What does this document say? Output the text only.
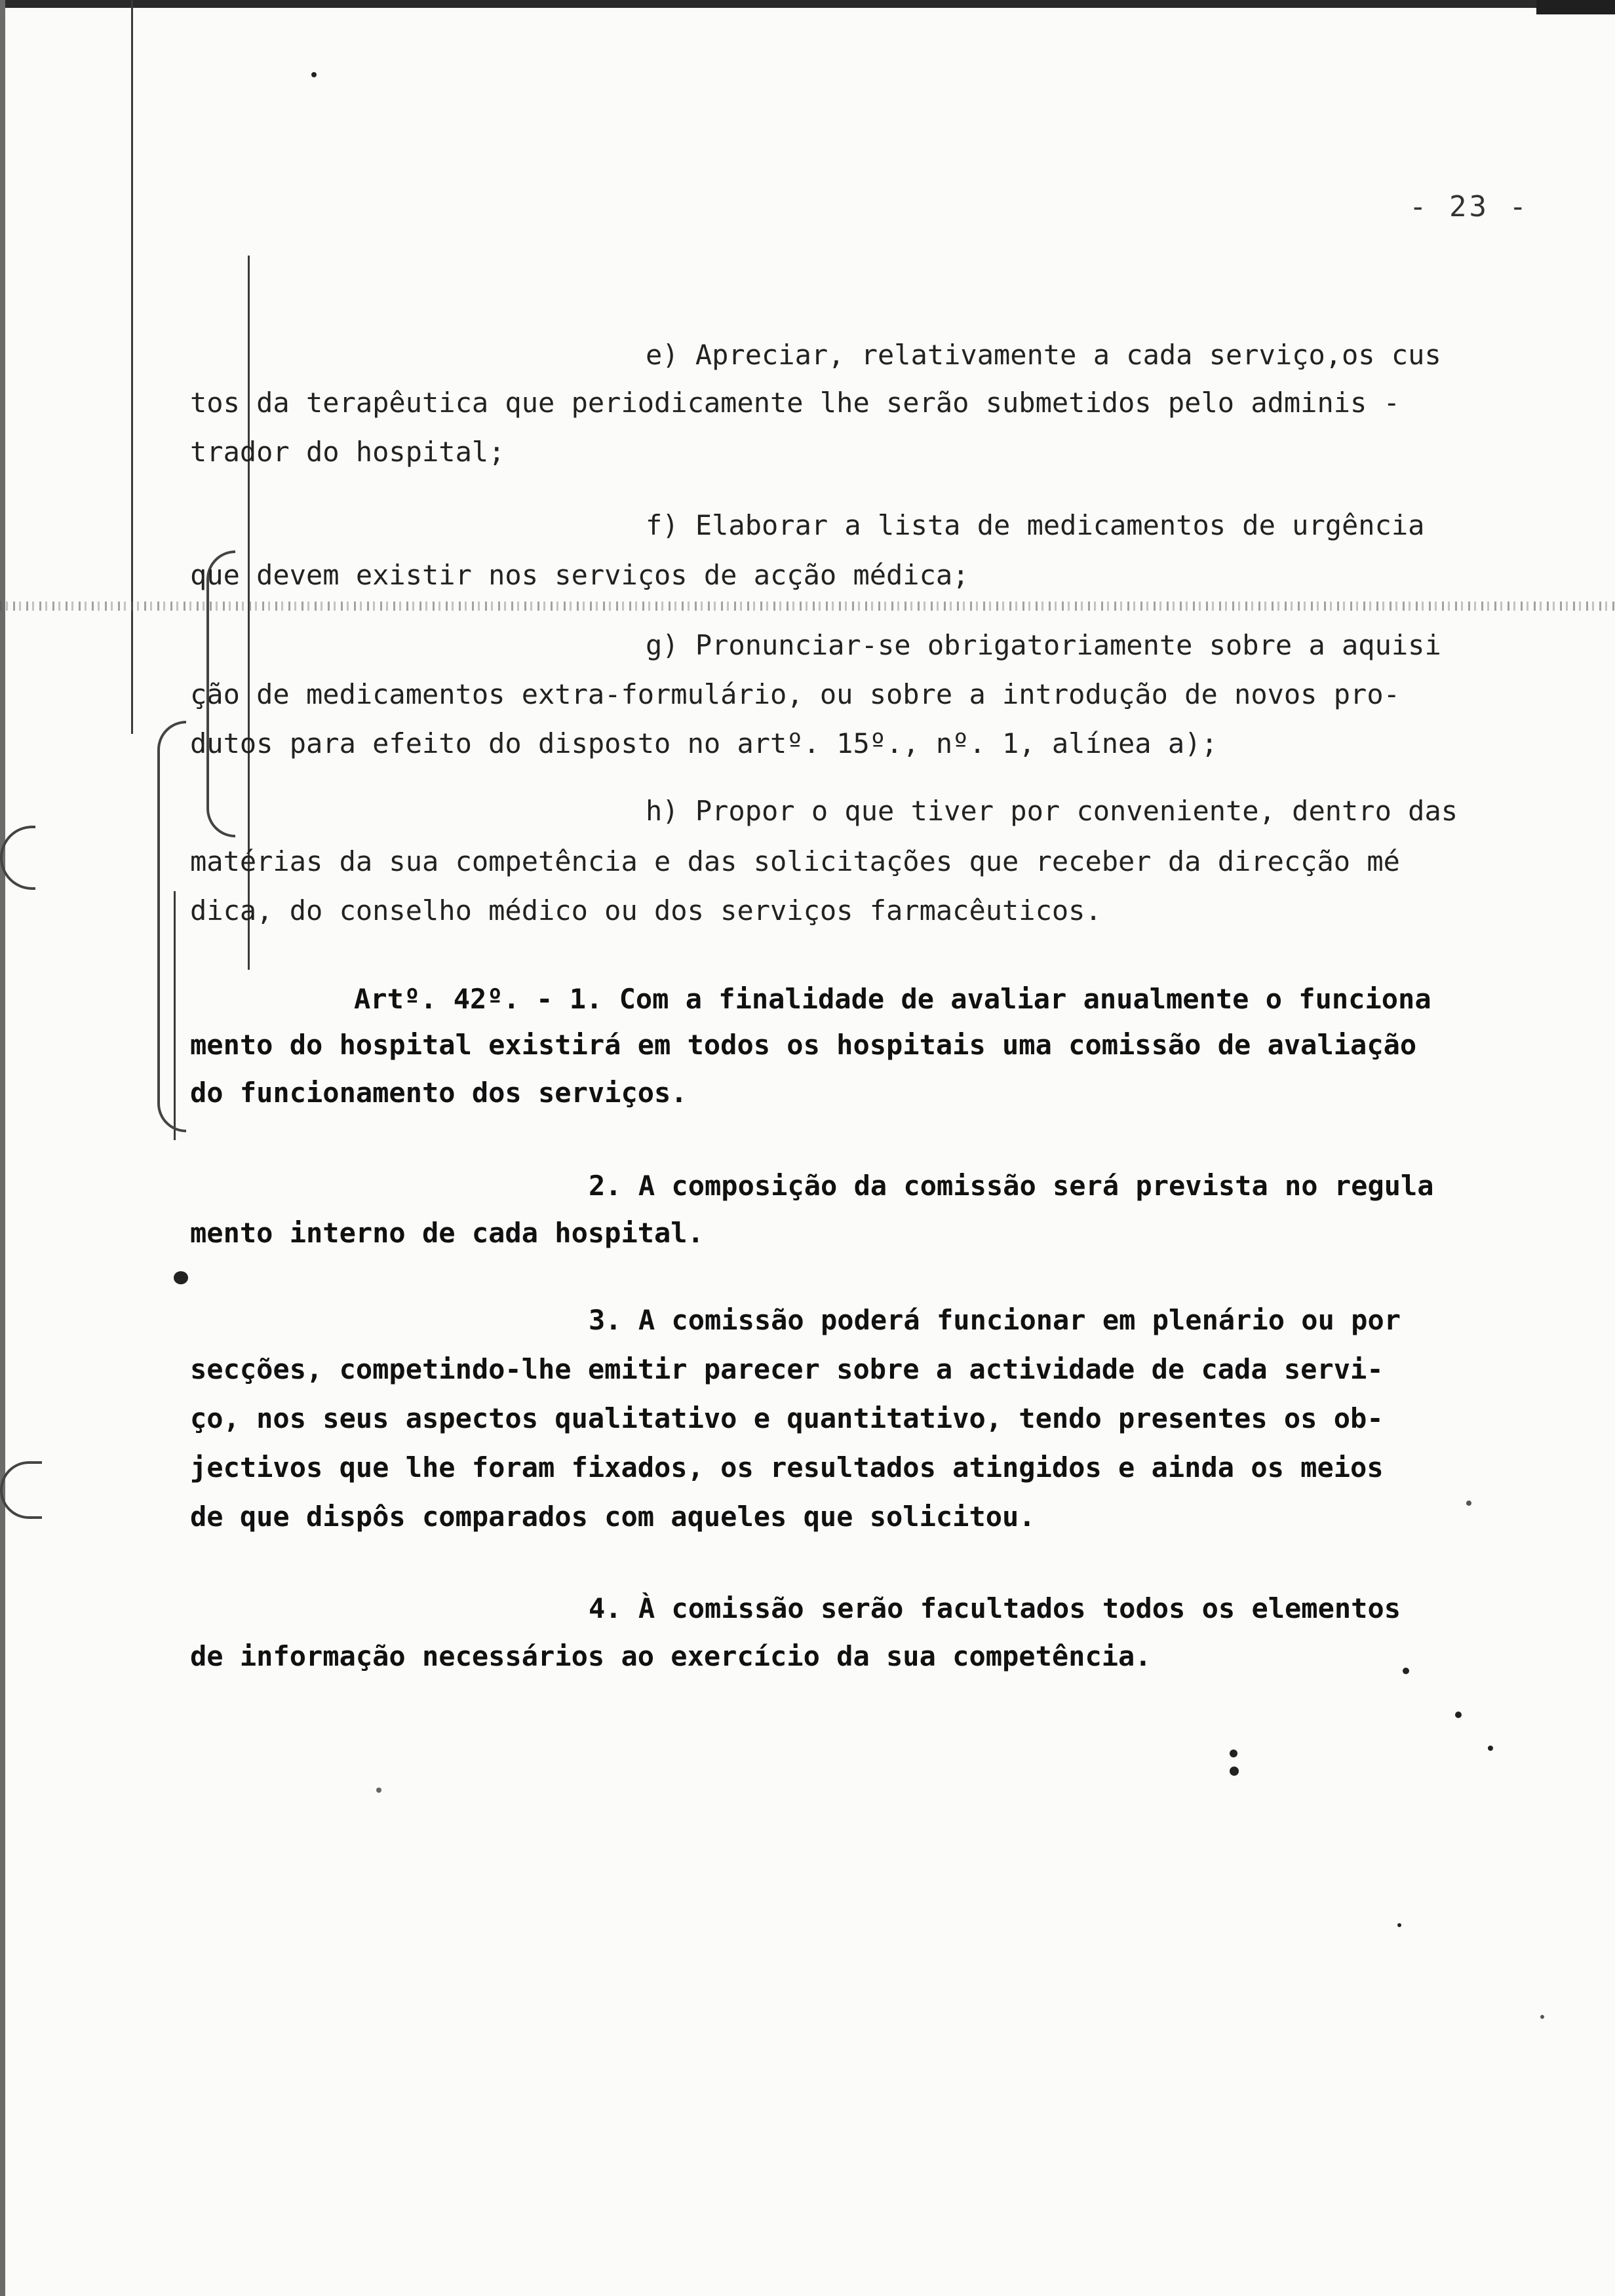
- 23 -
e) Apreciar, relativamente a cada serviço,os cus
tos da terapêutica que periodicamente lhe serão submetidos pelo adminis -
trador do hospital;
f) Elaborar a lista de medicamentos de urgência
que devem existir nos serviços de acção médica;
g) Pronunciar-se obrigatoriamente sobre a aquisi
ção de medicamentos extra-formulário, ou sobre a introdução de novos pro-
dutos para efeito do disposto no artº. 15º., nº. 1, alínea a);
h) Propor o que tiver por conveniente, dentro das
matérias da sua competência e das solicitações que receber da direcção mé
dica, do conselho médico ou dos serviços farmacêuticos.
Artº. 42º. - 1. Com a finalidade de avaliar anualmente o funciona
mento do hospital existirá em todos os hospitais uma comissão de avaliação
do funcionamento dos serviços.
2. A composição da comissão será prevista no regula
mento interno de cada hospital.
3. A comissão poderá funcionar em plenário ou por
secções, competindo-lhe emitir parecer sobre a actividade de cada servi-
ço, nos seus aspectos qualitativo e quantitativo, tendo presentes os ob-
jectivos que lhe foram fixados, os resultados atingidos e ainda os meios
de que dispôs comparados com aqueles que solicitou.
4. À comissão serão facultados todos os elementos
de informação necessários ao exercício da sua competência.
